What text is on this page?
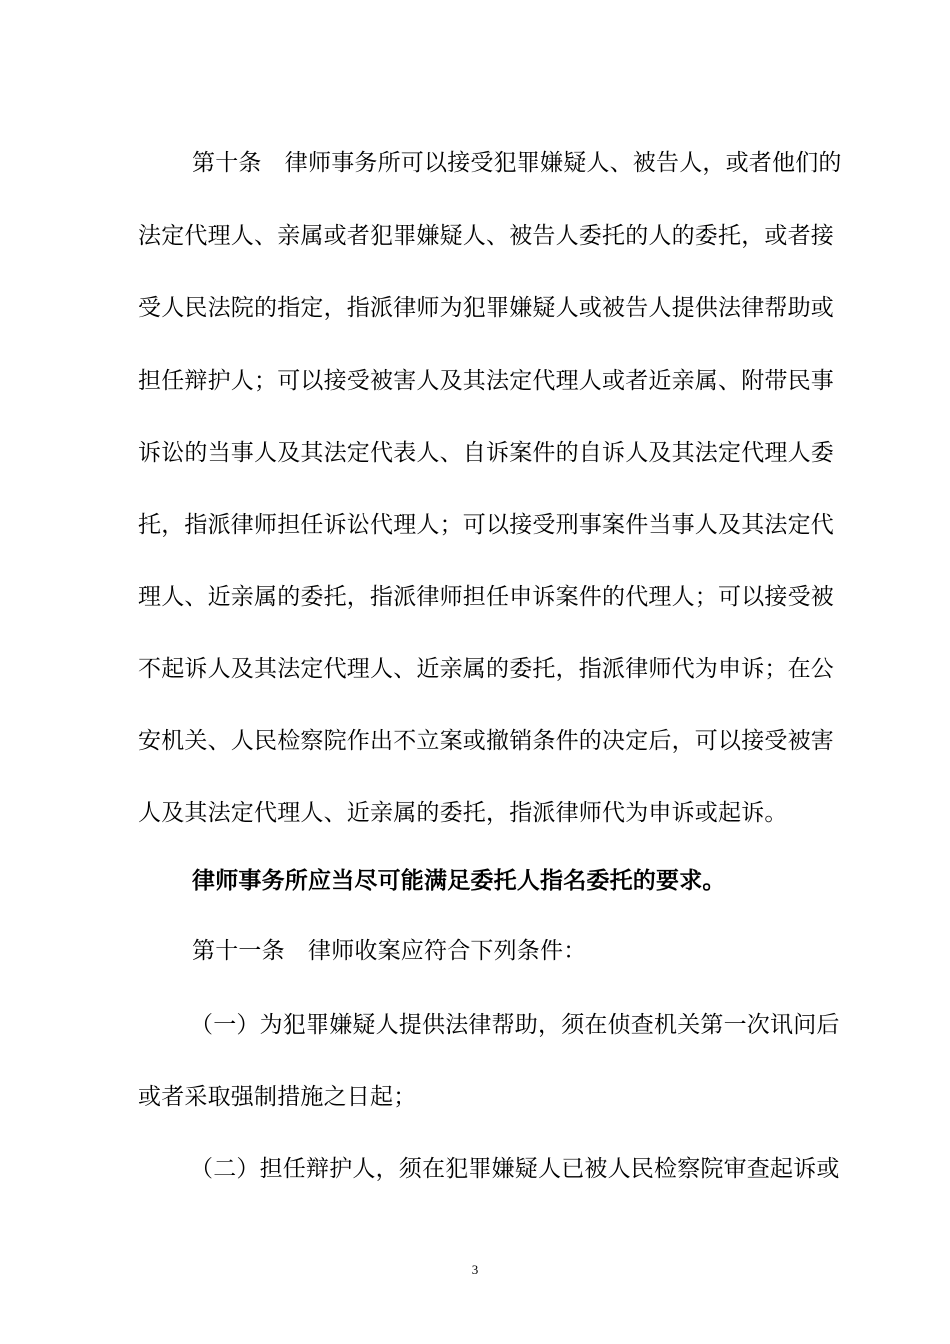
第十条　律师事务所可以接受犯罪嫌疑人、被告人，或者他们的
法定代理人、亲属或者犯罪嫌疑人、被告人委托的人的委托，或者接
受人民法院的指定，指派律师为犯罪嫌疑人或被告人提供法律帮助或
担任辩护人；可以接受被害人及其法定代理人或者近亲属、附带民事
诉讼的当事人及其法定代表人、自诉案件的自诉人及其法定代理人委
托，指派律师担任诉讼代理人；可以接受刑事案件当事人及其法定代
理人、近亲属的委托，指派律师担任申诉案件的代理人；可以接受被
不起诉人及其法定代理人、近亲属的委托，指派律师代为申诉；在公
安机关、人民检察院作出不立案或撤销条件的决定后，可以接受被害
人及其法定代理人、近亲属的委托，指派律师代为申诉或起诉。
律师事务所应当尽可能满足委托人指名委托的要求。
第十一条　律师收案应符合下列条件：
（一）为犯罪嫌疑人提供法律帮助，须在侦查机关第一次讯问后
或者采取强制措施之日起；
（二）担任辩护人，须在犯罪嫌疑人已被人民检察院审查起诉或
3
